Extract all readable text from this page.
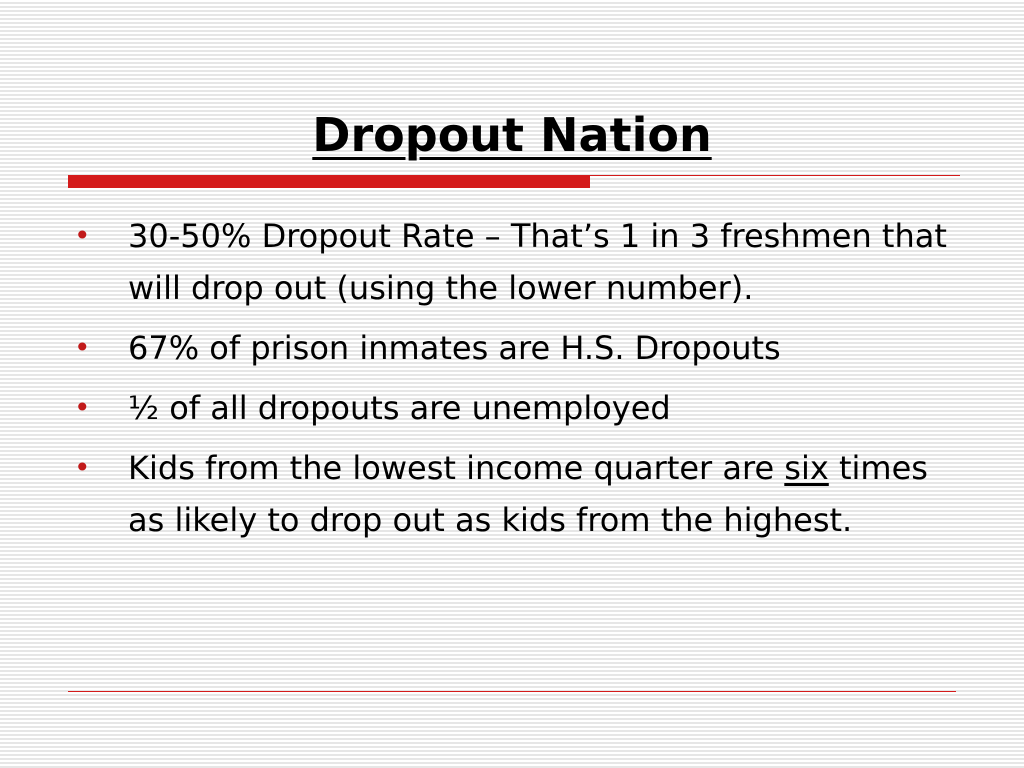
Dropout Nation
•	30-50% Dropout Rate – That’s 1 in 3 freshmen that will drop out (using the lower number).
•	67% of prison inmates are H.S. Dropouts
•	½ of all dropouts are unemployed
•	Kids from the lowest income quarter are six times as likely to drop out as kids from the highest.
